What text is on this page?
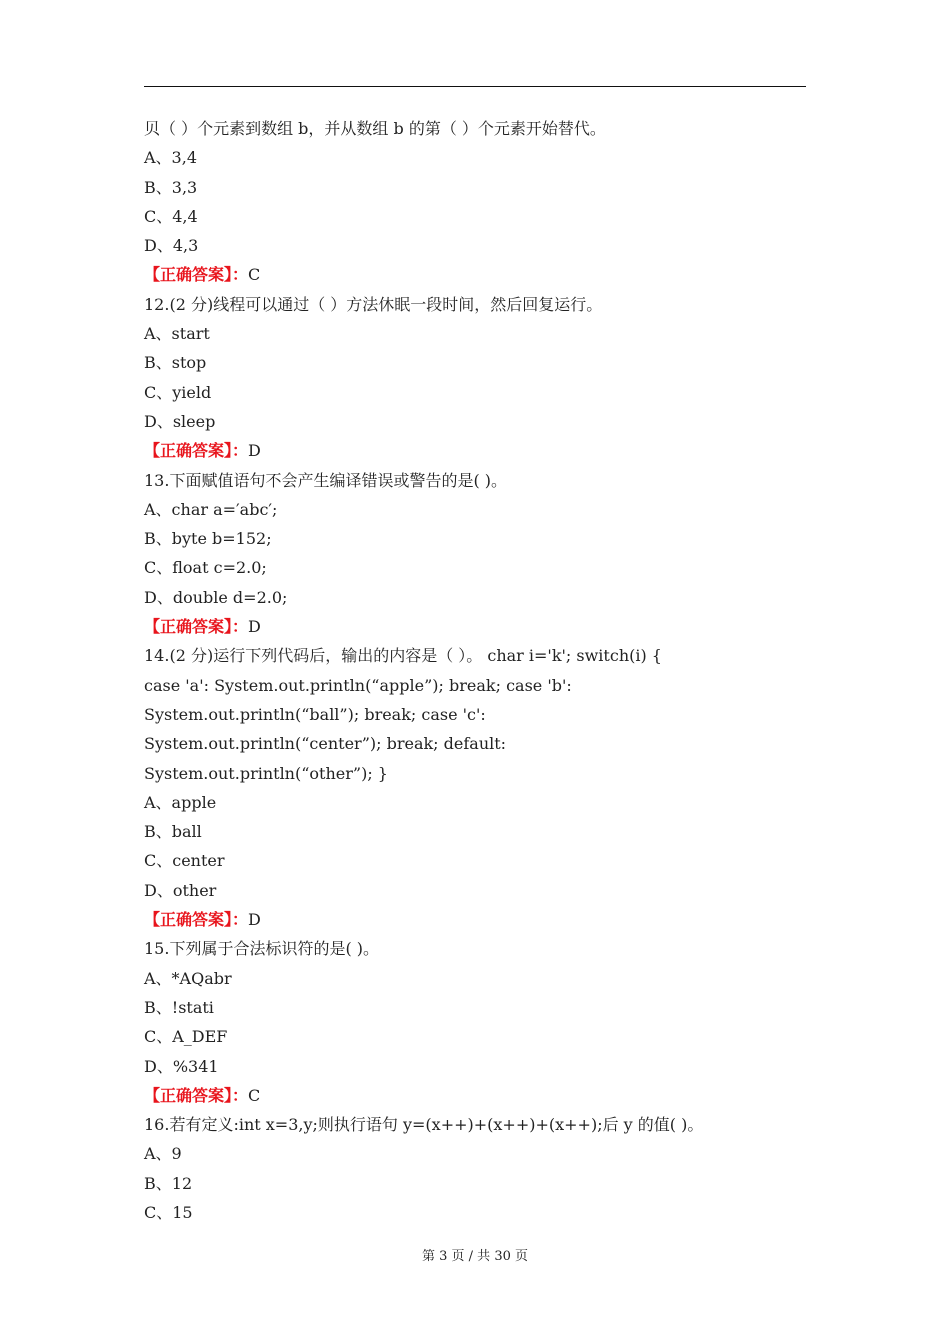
贝（ ）个元素到数组 b，并从数组 b 的第（ ）个元素开始替代。
A、3,4
B、3,3
C、4,4
D、4,3
【正确答案】：C
12.(2 分)线程可以通过（ ）方法休眠一段时间，然后回复运行。
A、start
B、stop
C、yield
D、sleep
【正确答案】：D
13.下面赋值语句不会产生编译错误或警告的是( )。
A、char a=′abc′;
B、byte b=152;
C、float c=2.0;
D、double d=2.0;
【正确答案】：D
14.(2 分)运行下列代码后，输出的内容是（ ）。 char i='k'; switch(i) {
case 'a': System.out.println(“apple”); break; case 'b':
System.out.println(“ball”); break; case 'c':
System.out.println(“center”); break; default:
System.out.println(“other”); }
A、apple
B、ball
C、center
D、other
【正确答案】：D
15.下列属于合法标识符的是( )。
A、*AQabr
B、!stati
C、A_DEF
D、%341
【正确答案】：C
16.若有定义:int x=3,y;则执行语句 y=(x++)+(x++)+(x++);后 y 的值( )。
A、9
B、12
C、15
第 3 页 / 共 30 页
